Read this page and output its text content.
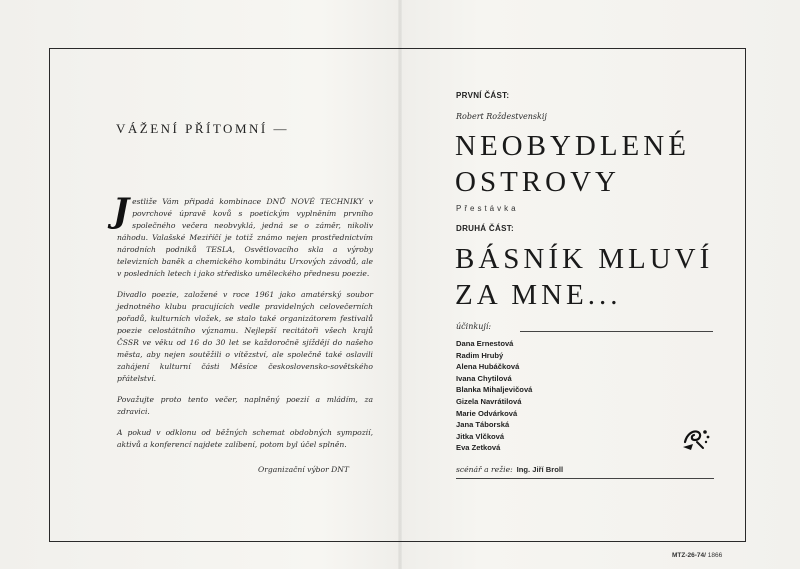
VÁŽENÍ PŘÍTOMNÍ —

Jestliže Vám připadá kombinace DNŮ NOVÉ TECHNIKY v povrchové úpravě kovů s poetickým vyplněním prvního společného večera neobvyklá, jedná se o záměr, nikoliv náhodu. Valašské Meziříčí je totiž známo nejen prostřednictvím národních podniků TESLA, Osvětlovacího skla a výroby televizních baněk a chemického kombinátu Urxových závodů, ale v posledních letech i jako středisko uměleckého přednesu poezie.

Divadlo poezie, založené v roce 1961 jako amatérský soubor jednotného klubu pracujících vedle pravidelných celovečerních pořadů, kulturních vložek, se stalo také organizátorem festivalů poezie celostátního významu. Nejlepší recitátoři všech krajů ČSSR ve věku od 16 do 30 let se každoročně sjíždějí do našeho města, aby nejen soutěžili o vítězství, ale společně také oslavili zahájení kulturní části Měsíce československo-sovětského přátelství.

Považujte proto tento večer, naplněný poezií a mládím, za zdravici.

A pokud v odklonu od běžných schemat obdobných sympozií, aktivů a konferencí najdete zalíbení, potom byl účel splněn.

Organizační výbor DNT
PRVNÍ ČÁST:
Robert Roždestvenskij
NEOBYDLENÉ
OSTROVY
Přestávka
DRUHÁ ČÁST:
BÁSNÍK MLUVÍ
ZA MNE...
účinkují:
Dana Ernestová
Radim Hrubý
Alena Hubáčková
Ivana Chytilová
Blanka Mihaljevičová
Gizela Navrátilová
Marie Odvárková
Jana Táborská
Jitka Vlčková
Eva Zetková
scénář a režie: Ing. Jiří Broll
MTZ-26-74/ 1866
